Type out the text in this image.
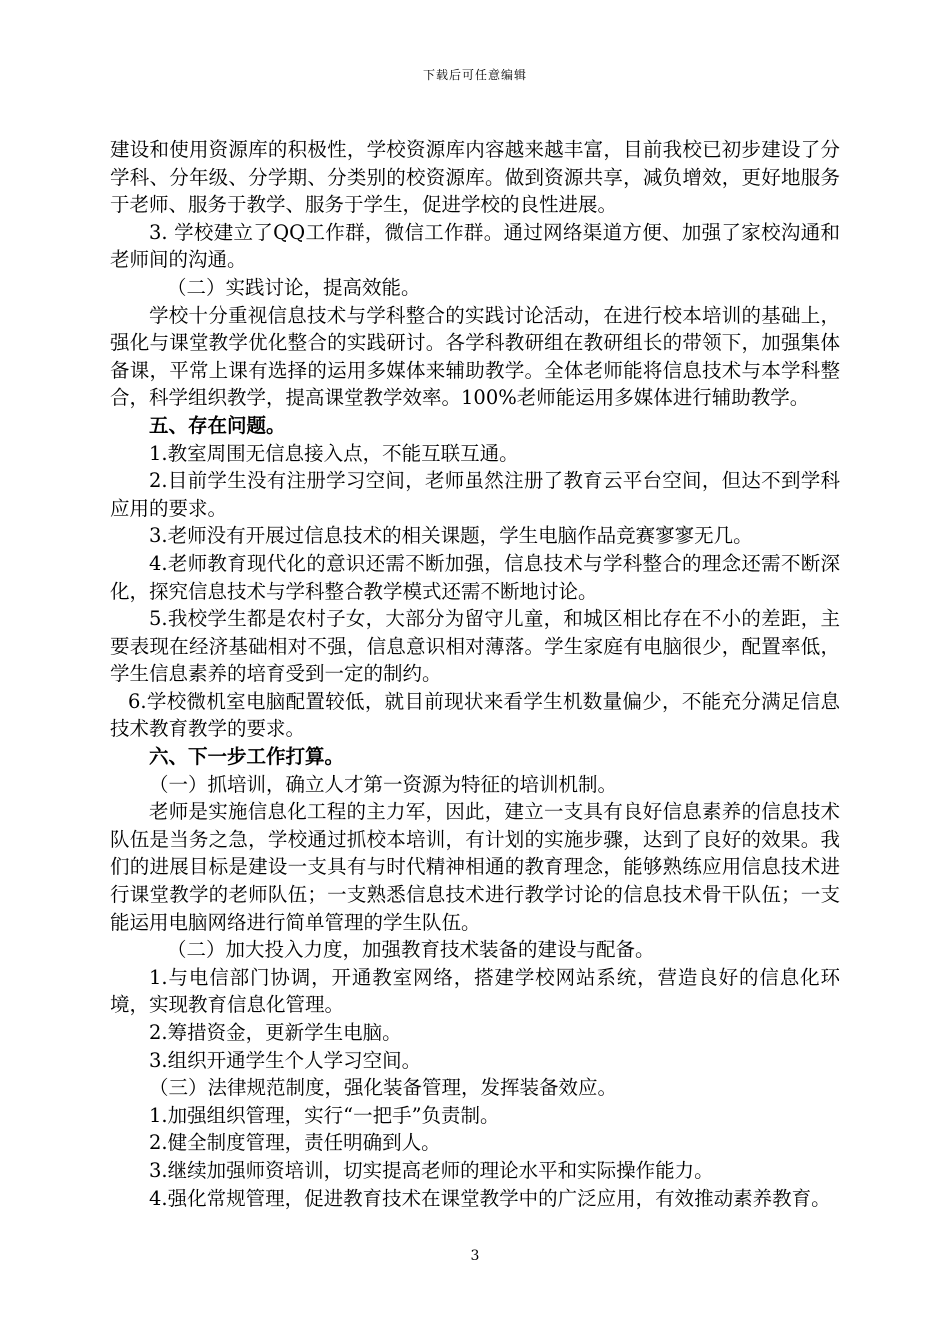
下载后可任意编辑

建设和使用资源库的积极性，学校资源库内容越来越丰富，目前我校已初步建设了分学科、分年级、分学期、分类别的校资源库。做到资源共享，减负增效，更好地服务于老师、服务于教学、服务于学生，促进学校的良性进展。

3. 学校建立了QQ工作群，微信工作群。通过网络渠道方便、加强了家校沟通和老师间的沟通。

（二）实践讨论，提高效能。

学校十分重视信息技术与学科整合的实践讨论活动，在进行校本培训的基础上，强化与课堂教学优化整合的实践研讨。各学科教研组在教研组长的带领下，加强集体备课，平常上课有选择的运用多媒体来辅助教学。全体老师能将信息技术与本学科整合，科学组织教学，提高课堂教学效率。100%老师能运用多媒体进行辅助教学。

五、存在问题。

1.教室周围无信息接入点，不能互联互通。

2.目前学生没有注册学习空间，老师虽然注册了教育云平台空间，但达不到学科应用的要求。

3.老师没有开展过信息技术的相关课题，学生电脑作品竞赛寥寥无几。

4.老师教育现代化的意识还需不断加强，信息技术与学科整合的理念还需不断深化，探究信息技术与学科整合教学模式还需不断地讨论。

5.我校学生都是农村子女，大部分为留守儿童，和城区相比存在不小的差距，主要表现在经济基础相对不强，信息意识相对薄落。学生家庭有电脑很少，配置率低，学生信息素养的培育受到一定的制约。

6.学校微机室电脑配置较低，就目前现状来看学生机数量偏少，不能充分满足信息技术教育教学的要求。

六、下一步工作打算。

（一）抓培训，确立人才第一资源为特征的培训机制。

老师是实施信息化工程的主力军，因此，建立一支具有良好信息素养的信息技术队伍是当务之急，学校通过抓校本培训，有计划的实施步骤，达到了良好的效果。我们的进展目标是建设一支具有与时代精神相通的教育理念，能够熟练应用信息技术进行课堂教学的老师队伍；一支熟悉信息技术进行教学讨论的信息技术骨干队伍；一支能运用电脑网络进行简单管理的学生队伍。

（二）加大投入力度，加强教育技术装备的建设与配备。

1.与电信部门协调，开通教室网络，搭建学校网站系统，营造良好的信息化环境，实现教育信息化管理。

2.筹措资金，更新学生电脑。

3.组织开通学生个人学习空间。

（三）法律规范制度，强化装备管理，发挥装备效应。

1.加强组织管理，实行“一把手”负责制。

2.健全制度管理，责任明确到人。

3.继续加强师资培训，切实提高老师的理论水平和实际操作能力。

4.强化常规管理，促进教育技术在课堂教学中的广泛应用，有效推动素养教育。

3
